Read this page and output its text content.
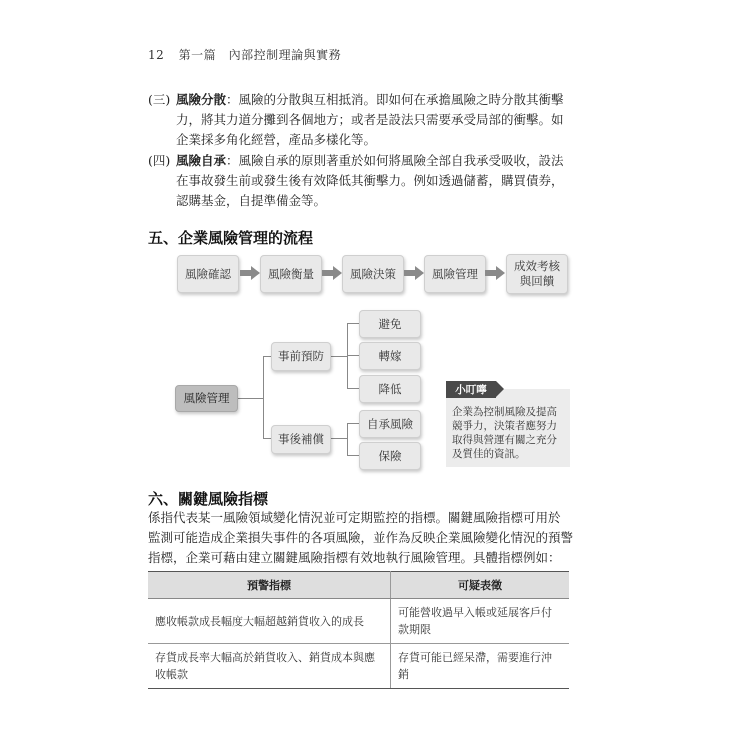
12 第一篇　內部控制理論與實務
(三) 風險分散：風險的分散與互相抵消。即如何在承擔風險之時分散其衝擊
力，將其力道分攤到各個地方；或者是設法只需要承受局部的衝擊。如
企業採多角化經營，產品多樣化等。
(四) 風險自承：風險自承的原則著重於如何將風險全部自我承受吸收，設法
在事故發生前或發生後有效降低其衝擊力。例如透過儲蓄，購買債券，
認購基金，自提準備金等。
五、企業風險管理的流程
風險確認	風險衡量	風險決策	風險管理
成效考核
與回饋
風險管理
事前預防
事後補償
避免
轉嫁
降低
自承風險
保險
企業為控制風險及提高
競爭力，決策者應努力
取得與營運有關之充分
及質佳的資訊。
小叮嚀
六、關鍵風險指標
係指代表某一風險領域變化情況並可定期監控的指標。關鍵風險指標可用於
監測可能造成企業損失事件的各項風險，並作為反映企業風險變化情況的預警
指標，企業可藉由建立關鍵風險指標有效地執行風險管理。具體指標例如：
預警指標	可疑表徵
應收帳款成長幅度大幅超越銷貨收入的成長	可能營收過早入帳或延展客戶付款期限
存貨成長率大幅高於銷貨收入、銷貨成本與應收帳款	存貨可能已經呆滯，需要進行沖銷
